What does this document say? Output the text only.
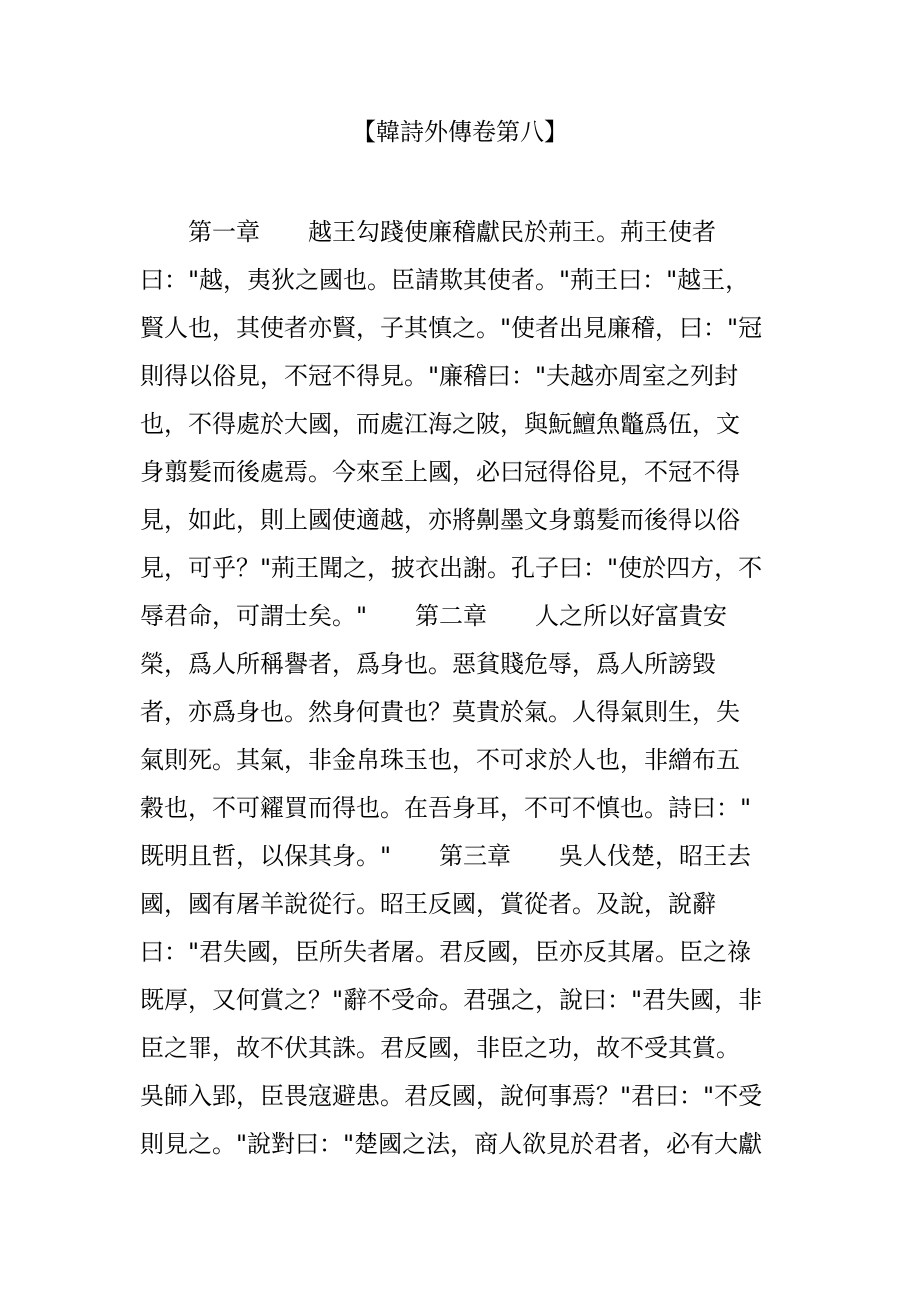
【韓詩外傳卷第八】
　　第一章　　越王勾踐使廉稽獻民於荊王。荊王使者
曰："越，夷狄之國也。臣請欺其使者。"荊王曰："越王，
賢人也，其使者亦賢，子其慎之。"使者出見廉稽，曰："冠
則得以俗見，不冠不得見。"廉稽曰："夫越亦周室之列封
也，不得處於大國，而處江海之陂，與魭鱣魚鼈爲伍，文
身翦髪而後處焉。今來至上國，必曰冠得俗見，不冠不得
見，如此，則上國使適越，亦將劓墨文身翦髪而後得以俗
見，可乎？"荊王聞之，披衣出謝。孔子曰："使於四方，不
辱君命，可謂士矣。"　　第二章　　人之所以好富貴安
榮，爲人所稱譽者，爲身也。惡貧賤危辱，爲人所謗毀
者，亦爲身也。然身何貴也？莫貴於氣。人得氣則生，失
氣則死。其氣，非金帛珠玉也，不可求於人也，非繒布五
穀也，不可糴買而得也。在吾身耳，不可不慎也。詩曰："
既明且哲，以保其身。"　　第三章　　吳人伐楚，昭王去
國，國有屠羊說從行。昭王反國，賞從者。及說，說辭
曰："君失國，臣所失者屠。君反國，臣亦反其屠。臣之祿
既厚，又何賞之？"辭不受命。君强之，說曰："君失國，非
臣之罪，故不伏其誅。君反國，非臣之功，故不受其賞。
吳師入郢，臣畏寇避患。君反國，說何事焉？"君曰："不受
則見之。"說對曰："楚國之法，商人欲見於君者，必有大獻
